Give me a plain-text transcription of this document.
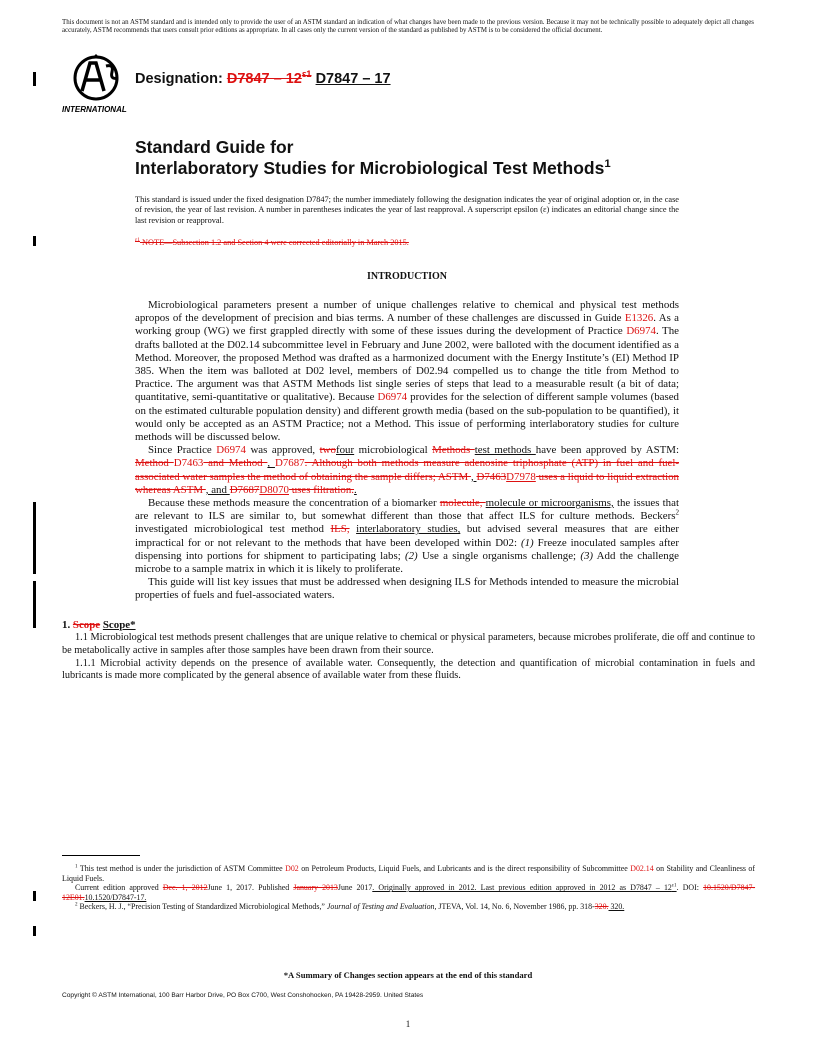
This document is not an ASTM standard and is intended only to provide the user of an ASTM standard an indication of what changes have been made to the previous version. Because it may not be technically possible to adequately depict all changes accurately, ASTM recommends that users consult prior editions as appropriate. In all cases only the current version of the standard as published by ASTM is to be considered the official document.
INTERNATIONAL
Designation: $D7847 - 12^{\varepsilon 1}$ D7847 – 17
Standard Guide for
Interlaboratory Studies for Microbiological Test Methods$^1$
This standard is issued under the fixed designation D7847; the number immediately following the designation indicates the year of original adoption or, in the case of revision, the year of last revision. A number in parentheses indicates the year of last reapproval. A superscript epsilon (ε) indicates an editorial change since the last revision or reapproval.
$^{\varepsilon 1}$ NOTE—Subsection 1.2 and Section 4 were corrected editorially in March 2015.
INTRODUCTION

Microbiological parameters present a number of unique challenges relative to chemical and physical test methods apropos of the development of precision and bias terms. A number of these challenges are discussed in Guide E1326. As a working group (WG) we first grappled directly with some of these issues during the development of Practice D6974. The drafts balloted at the D02.14 subcommittee level in February and June 2002, were balloted with the document identified as a Method. Moreover, the proposed Method was drafted as a harmonized document with the Energy Institute’s (EI) Method IP 385. When the item was balloted at D02 level, members of D02.94 compelled us to change the title from Method to Practice. The argument was that ASTM Methods list single series of steps that lead to a measurable result (a bit of data; quantitative, semi-quantitative or qualitative). Because D6974 provides for the selection of different sample volumes (based on the estimated culturable population density) and different growth media (based on the sub-population to be quantified), it would only be accepted as an ASTM Practice; not a Method. This issue of performing interlaboratory studies for culture methods will be discussed below.

Since Practice D6974 was approved, twofour microbiological Methods test methods have been approved by ASTM: Method D7463 and Method , D7687. Although both methods measure adenosine triphosphate (ATP) in fuel and fuel-associated water samples the method of obtaining the sample differs; ASTM , D7463D7978 uses a liquid to liquid extraction whereas ASTM , and D7687D8070 uses filtration..

Because these methods measure the concentration of a biomarker molecule, molecule or microorganisms, the issues that are relevant to ILS are similar to, but somewhat different than those that affect ILS for culture methods. Beckers$^2$ investigated microbiological test method ILS, interlaboratory studies, but advised several measures that are either impractical for or not relevant to the methods that have been developed within D02: (1) Freeze inoculated samples after dispensing into portions for shipment to participating labs; (2) Use a single organisms challenge; (3) Add the challenge microbe to a sample matrix in which it is likely to proliferate.

This guide will list key issues that must be addressed when designing ILS for Methods intended to measure the microbial properties of fuels and fuel-associated waters.

1. Scope Scope*

1.1 Microbiological test methods present challenges that are unique relative to chemical or physical parameters, because microbes proliferate, die off and continue to be metabolically active in samples after those samples have been drawn from their source.

1.1.1 Microbial activity depends on the presence of available water. Consequently, the detection and quantification of microbial contamination in fuels and lubricants is made more complicated by the general absence of available water from these fluids.

$^1$ This test method is under the jurisdiction of ASTM Committee D02 on Petroleum Products, Liquid Fuels, and Lubricants and is the direct responsibility of Subcommittee D02.14 on Stability and Cleanliness of Liquid Fuels.

Current edition approved Dec. 1, 2012June 1, 2017. Published January 2013June 2017. Originally approved in 2012. Last previous edition approved in 2012 as $D7847 - 12^{\varepsilon 1}$. DOI: 10.1520/D7847-12E01.10.1520/D7847-17.

$^2$ Beckers, H. J., “Precision Testing of Standardized Microbiological Methods,” Journal of Testing and Evaluation, JTEVA, Vol. 14, No. 6, November 1986, pp. 318-320. 320.

*A Summary of Changes section appears at the end of this standard
Copyright © ASTM International, 100 Barr Harbor Drive, PO Box C700, West Conshohocken, PA 19428-2959. United States
1
